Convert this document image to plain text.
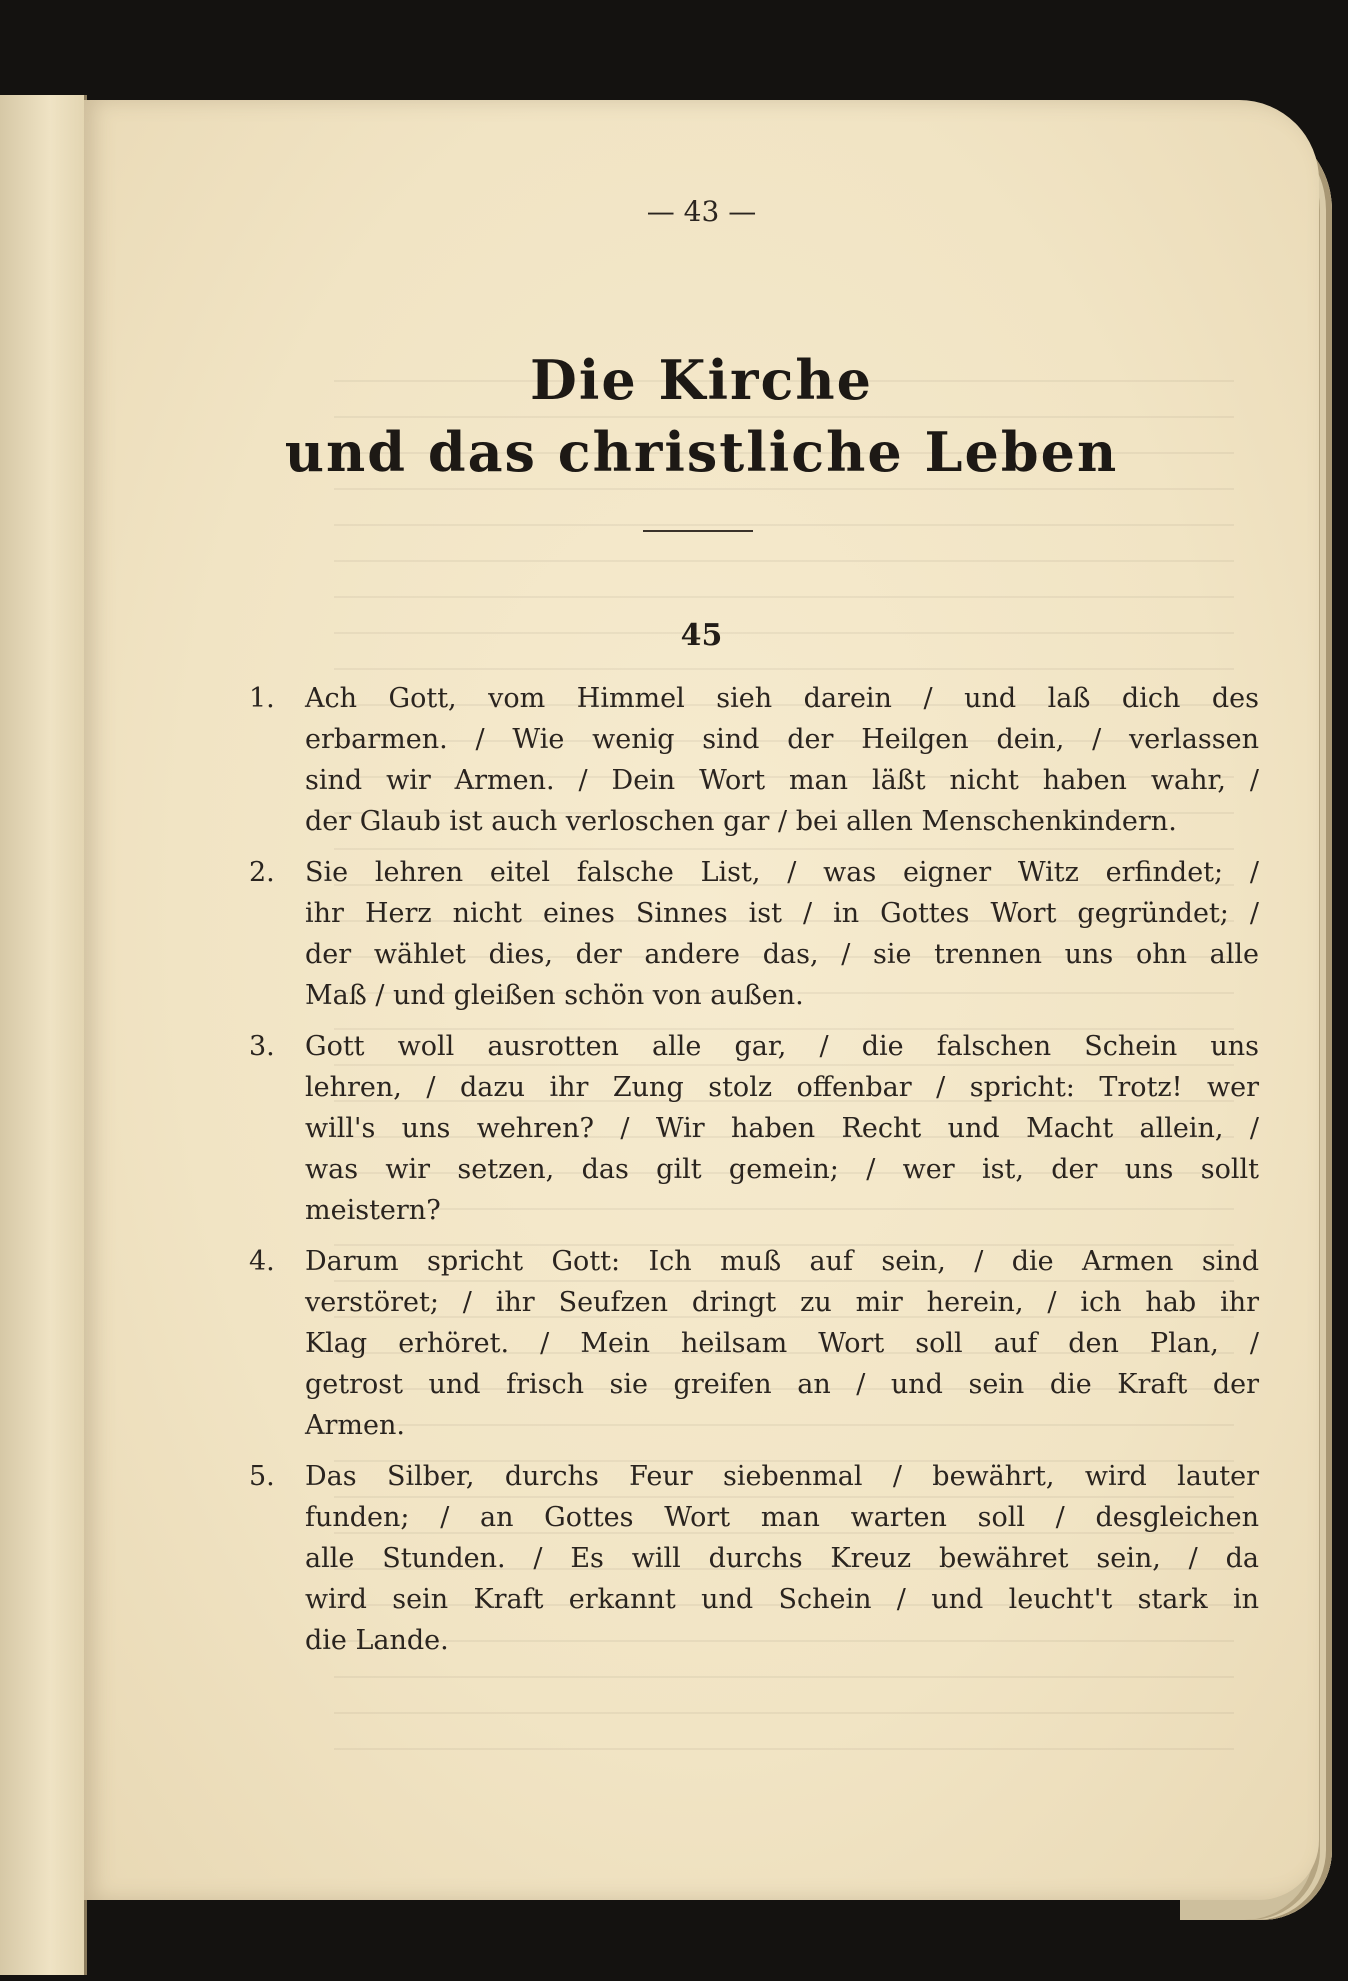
— 43 —
Die Kirche
und das christliche Leben
45
1.	Ach Gott, vom Himmel sieh darein / und laß dich des
erbarmen. / Wie wenig sind der Heilgen dein, / verlassen
sind wir Armen. / Dein Wort man läßt nicht haben wahr, /
der Glaub ist auch verloschen gar / bei allen Menschenkindern.
2.	Sie lehren eitel falsche List, / was eigner Witz erfindet; /
ihr Herz nicht eines Sinnes ist / in Gottes Wort gegründet; /
der wählet dies, der andere das, / sie trennen uns ohn alle
Maß / und gleißen schön von außen.
3.	Gott woll ausrotten alle gar, / die falschen Schein uns
lehren, / dazu ihr Zung stolz offenbar / spricht: Trotz! wer
will's uns wehren? / Wir haben Recht und Macht allein, /
was wir setzen, das gilt gemein; / wer ist, der uns sollt
meistern?
4.	Darum spricht Gott: Ich muß auf sein, / die Armen sind
verstöret; / ihr Seufzen dringt zu mir herein, / ich hab ihr
Klag erhöret. / Mein heilsam Wort soll auf den Plan, /
getrost und frisch sie greifen an / und sein die Kraft der
Armen.
5.	Das Silber, durchs Feur siebenmal / bewährt, wird lauter
funden; / an Gottes Wort man warten soll / desgleichen
alle Stunden. / Es will durchs Kreuz bewähret sein, / da
wird sein Kraft erkannt und Schein / und leucht't stark in
die Lande.
